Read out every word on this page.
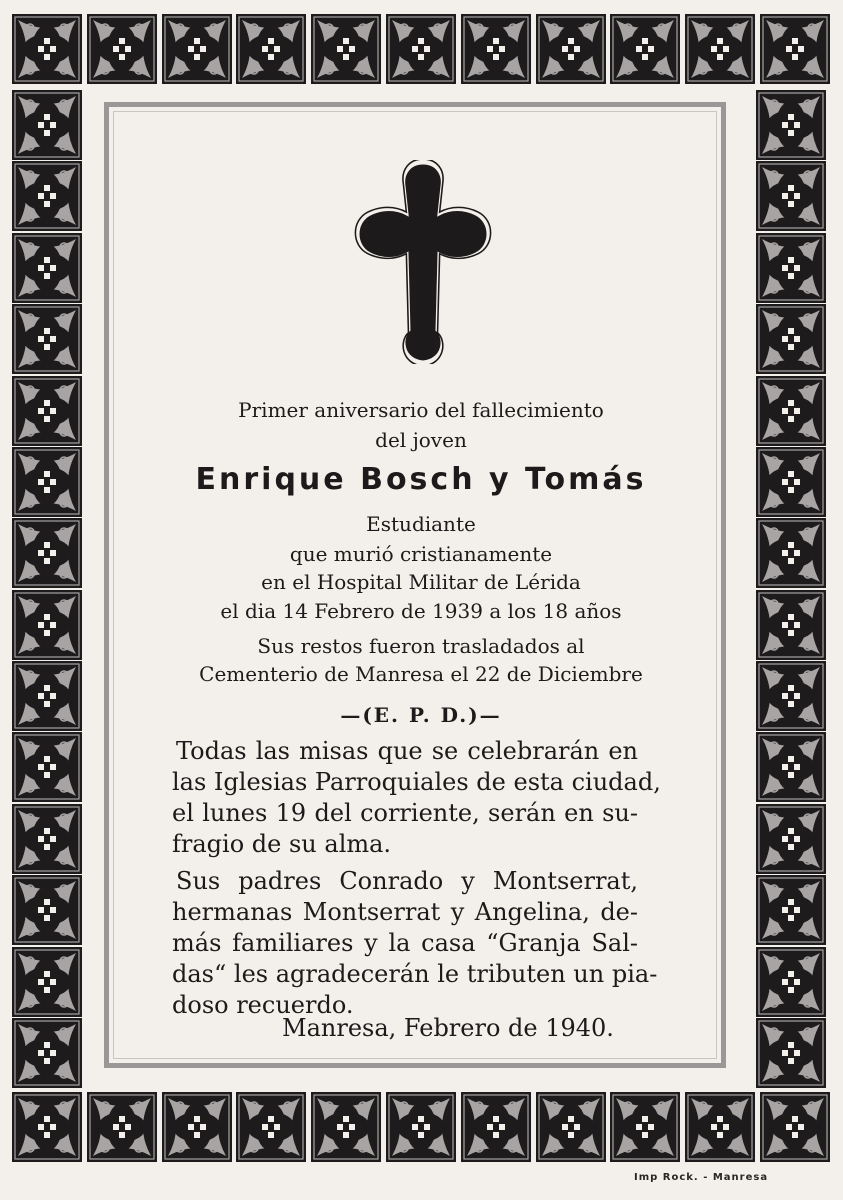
Primer aniversario del fallecimiento

del joven

Enrique Bosch y Tomás

Estudiante

que murió cristianamente

en el Hospital Militar de Lérida

el dia 14 Febrero de 1939 a los 18 años

Sus restos fueron trasladados al

Cementerio de Manresa el 22 de Diciembre

—(E. P. D.)—

Todas las misas que se celebrarán en
las Iglesias Parroquiales de esta ciudad,
el lunes 19 del corriente, serán en su-
fragio de su alma.
Sus padres Conrado y Montserrat,
hermanas Montserrat y Angelina, de-
más familiares y la casa “Granja Sal-
das“ les agradecerán le tributen un pia-
doso recuerdo.

Manresa, Febrero de 1940.

Imp Rock. - Manresa
